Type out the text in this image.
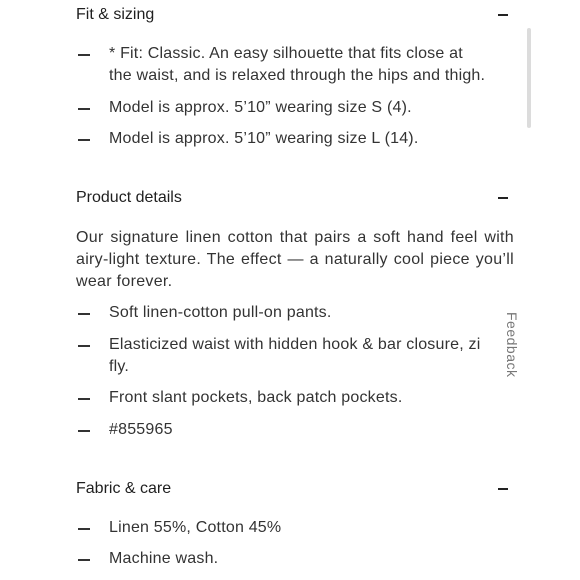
Fit & sizing
* Fit: Classic. An easy silhouette that fits close at
the waist, and is relaxed through the hips and thigh.
Model is approx. 5’10” wearing size S (4).
Model is approx. 5’10” wearing size L (14).
Product details
Our signature linen cotton that pairs a soft hand feel with airy-light texture. The effect — a naturally cool piece you’ll wear forever.
Soft linen-cotton pull-on pants.
Elasticized waist with hidden hook & bar closure, zi
fly.
Front slant pockets, back patch pockets.
#855965
Fabric & care
Linen 55%, Cotton 45%
Machine wash.
Feedback
